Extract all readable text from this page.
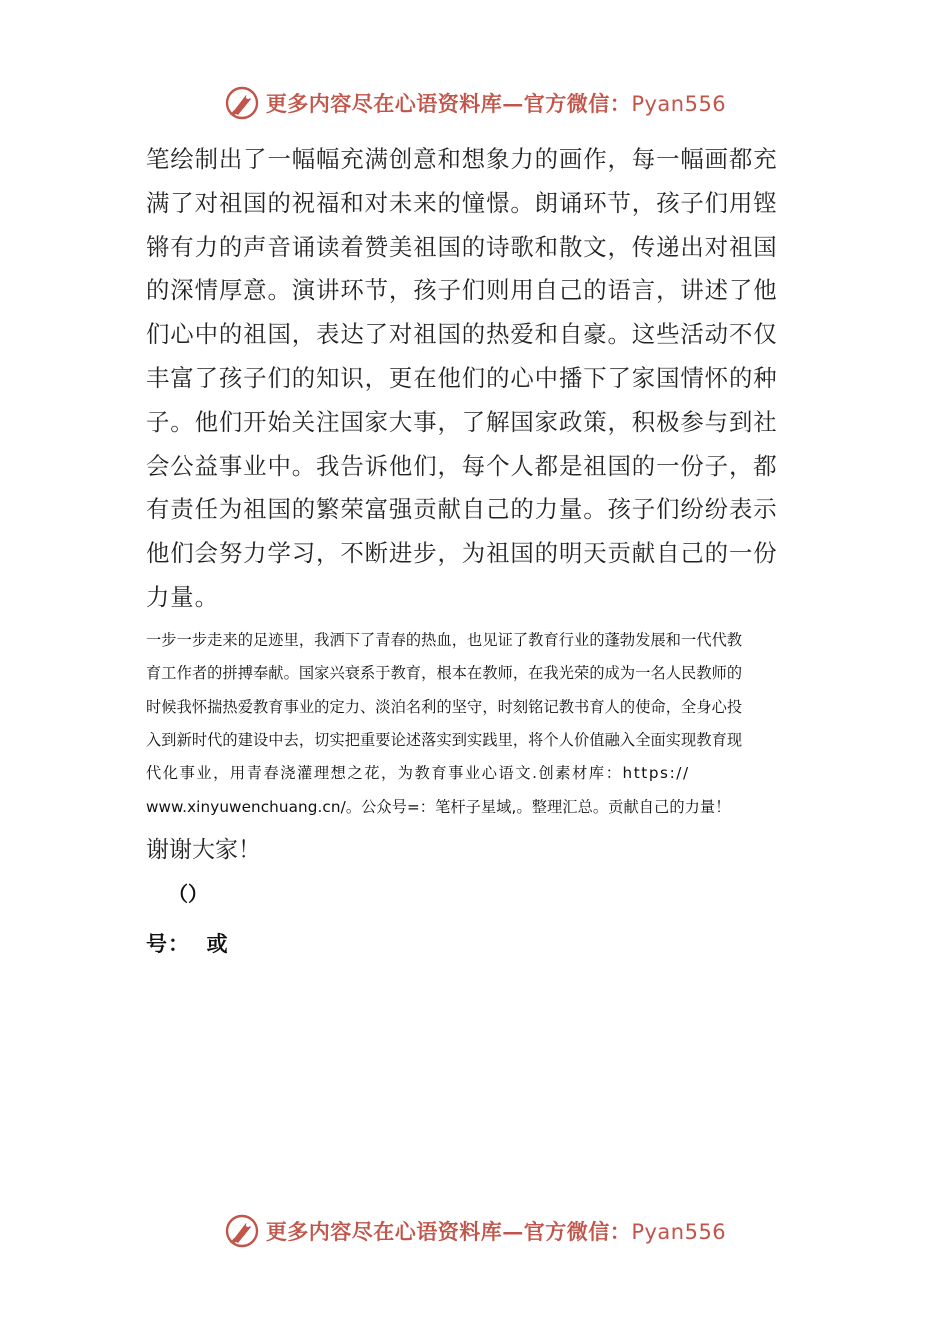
更多内容尽在心语资料库—官方微信：Pyan556
笔绘制出了一幅幅充满创意和想象力的画作，每一幅画都充
满了对祖国的祝福和对未来的憧憬。朗诵环节，孩子们用铿
锵有力的声音诵读着赞美祖国的诗歌和散文，传递出对祖国
的深情厚意。演讲环节，孩子们则用自己的语言，讲述了他
们心中的祖国，表达了对祖国的热爱和自豪。这些活动不仅
丰富了孩子们的知识，更在他们的心中播下了家国情怀的种
子。他们开始关注国家大事，了解国家政策，积极参与到社
会公益事业中。我告诉他们，每个人都是祖国的一份子，都
有责任为祖国的繁荣富强贡献自己的力量。孩子们纷纷表示
他们会努力学习，不断进步，为祖国的明天贡献自己的一份
力量。
一步一步走来的足迹里，我洒下了青春的热血，也见证了教育行业的蓬勃发展和一代代教
育工作者的拼搏奉献。国家兴衰系于教育，根本在教师，在我光荣的成为一名人民教师的
时候我怀揣热爱教育事业的定力、淡泊名利的坚守，时刻铭记教书育人的使命，全身心投
入到新时代的建设中去，切实把重要论述落实到实践里，将个人价值融入全面实现教育现
代化事业，用青春浇灌理想之花，为教育事业心语文.创素材库：https://
www.xinyuwenchuang.cn/。公众号=：笔杆子星域,。整理汇总。贡献自己的力量！
谢谢大家！
（）
号：  或
更多内容尽在心语资料库—官方微信：Pyan556
